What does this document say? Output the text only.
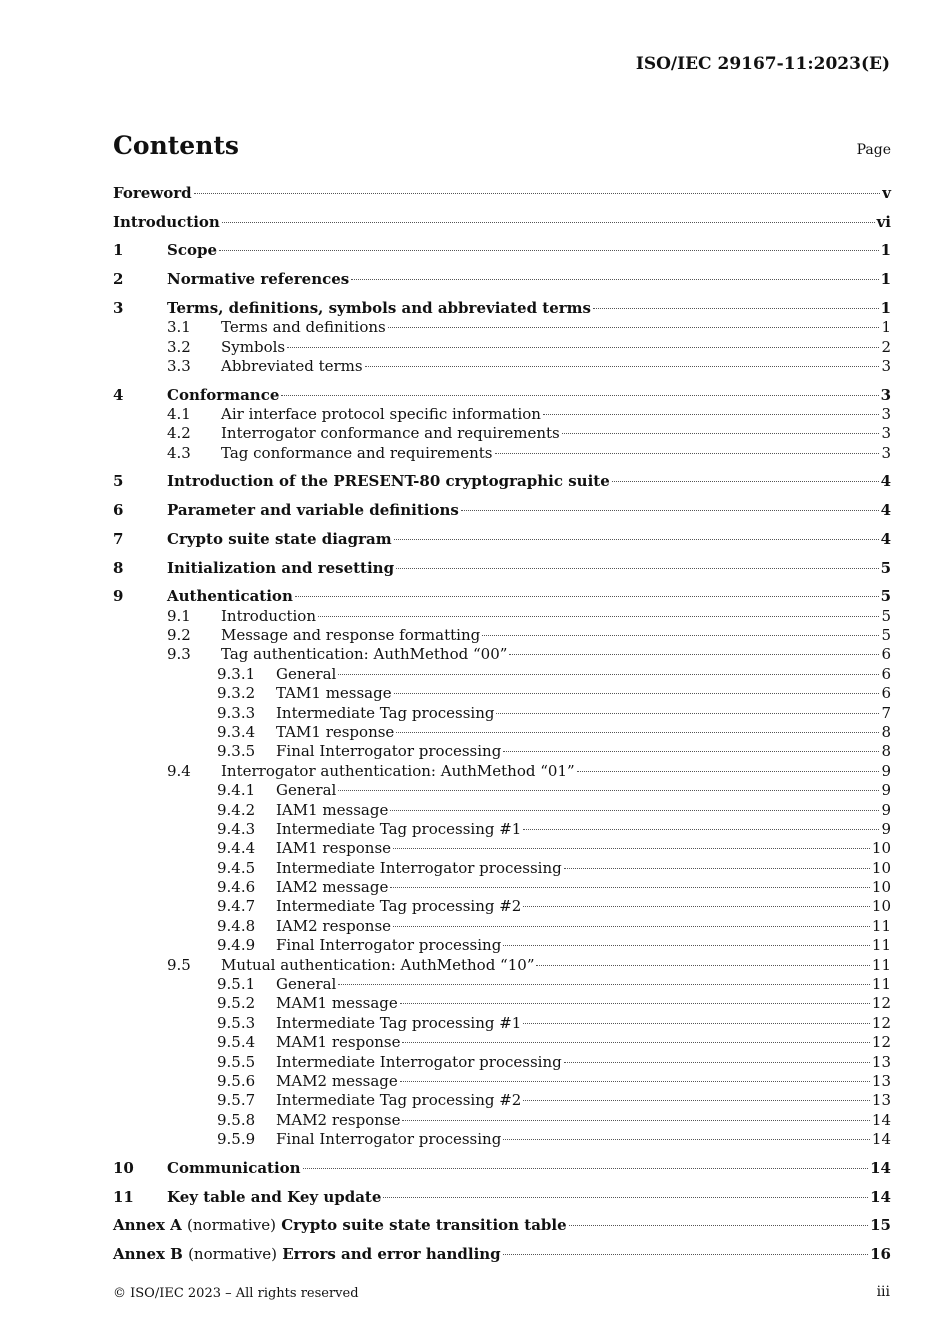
ISO/IEC 29167-11:2023(E)
Contents	Page
Foreword	v
Introduction	vi
1	Scope	1
2	Normative references	1
3	Terms, definitions, symbols and abbreviated terms	1
3.1	Terms and definitions	1
3.2	Symbols	2
3.3	Abbreviated terms	3
4	Conformance	3
4.1	Air interface protocol specific information	3
4.2	Interrogator conformance and requirements	3
4.3	Tag conformance and requirements	3
5	Introduction of the PRESENT-80 cryptographic suite	4
6	Parameter and variable definitions	4
7	Crypto suite state diagram	4
8	Initialization and resetting	5
9	Authentication	5
9.1	Introduction	5
9.2	Message and response formatting	5
9.3	Tag authentication: AuthMethod “00”	6
9.3.1	General	6
9.3.2	TAM1 message	6
9.3.3	Intermediate Tag processing	7
9.3.4	TAM1 response	8
9.3.5	Final Interrogator processing	8
9.4	Interrogator authentication: AuthMethod “01”	9
9.4.1	General	9
9.4.2	IAM1 message	9
9.4.3	Intermediate Tag processing #1	9
9.4.4	IAM1 response	10
9.4.5	Intermediate Interrogator processing	10
9.4.6	IAM2 message	10
9.4.7	Intermediate Tag processing #2	10
9.4.8	IAM2 response	11
9.4.9	Final Interrogator processing	11
9.5	Mutual authentication: AuthMethod “10”	11
9.5.1	General	11
9.5.2	MAM1 message	12
9.5.3	Intermediate Tag processing #1	12
9.5.4	MAM1 response	12
9.5.5	Intermediate Interrogator processing	13
9.5.6	MAM2 message	13
9.5.7	Intermediate Tag processing #2	13
9.5.8	MAM2 response	14
9.5.9	Final Interrogator processing	14
10	Communication	14
11	Key table and Key update	14
Annex A (normative) Crypto suite state transition table	15
Annex B (normative) Errors and error handling	16
© ISO/IEC 2023 – All rights reserved	iii
